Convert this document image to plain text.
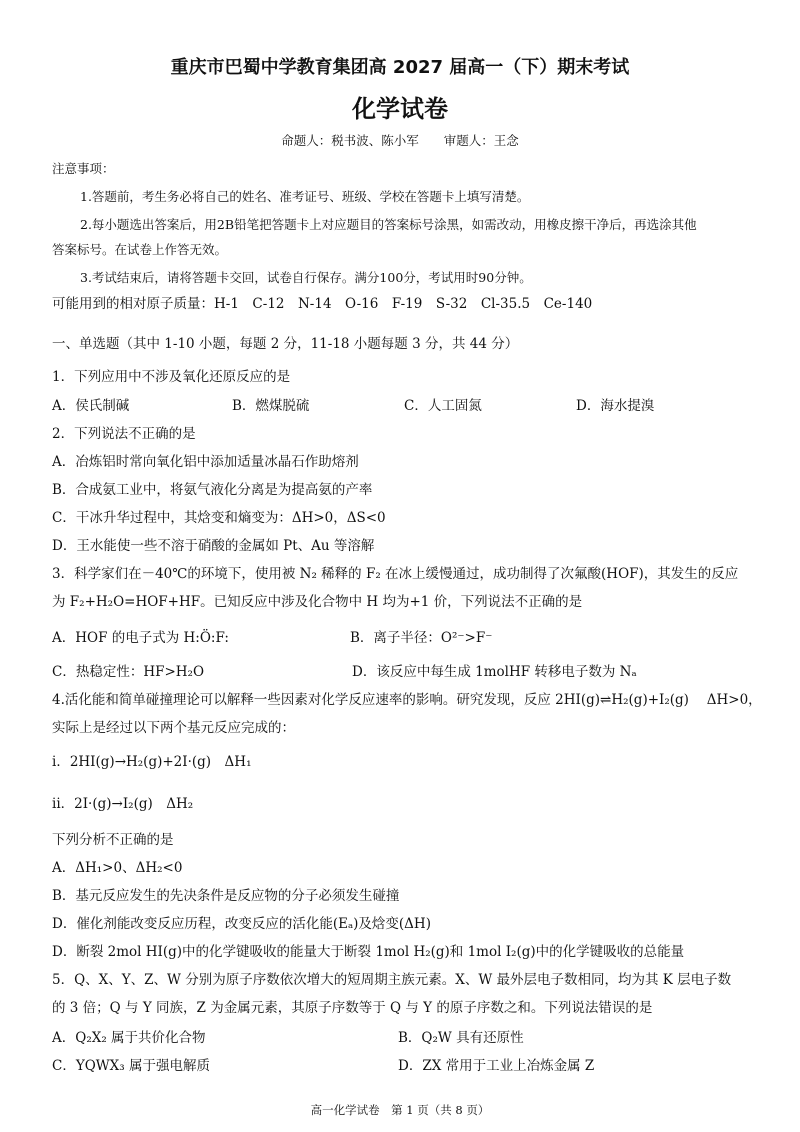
重庆市巴蜀中学教育集团高 2027 届高一（下）期末考试
化学试卷
命题人：税书波、陈小军　　审题人：王念
注意事项：
1.答题前，考生务必将自己的姓名、准考证号、班级、学校在答题卡上填写清楚。
2.每小题选出答案后，用2B铅笔把答题卡上对应题目的答案标号涂黑，如需改动，用橡皮擦干净后，再选涂其他
答案标号。在试卷上作答无效。
3.考试结束后，请将答题卡交回，试卷自行保存。满分100分，考试用时90分钟。
可能用到的相对原子质量：H-1　C-12　N-14　O-16　F-19　S-32　Cl-35.5　Ce-140
一、单选题（其中 1-10 小题，每题 2 分，11-18 小题每题 3 分，共 44 分）
1．下列应用中不涉及氧化还原反应的是
A．侯氏制碱	B．燃煤脱硫	C．人工固氮	D．海水提溴
2．下列说法不正确的是
A．冶炼铝时常向氧化铝中添加适量冰晶石作助熔剂
B．合成氨工业中，将氨气液化分离是为提高氨的产率
C．干冰升华过程中，其焓变和熵变为：ΔH>0，ΔS<0
D．王水能使一些不溶于硝酸的金属如 Pt、Au 等溶解
3．科学家们在－40℃的环境下，使用被 N₂ 稀释的 F₂ 在冰上缓慢通过，成功制得了次氟酸(HOF)，其发生的反应
为 F₂+H₂O=HOF+HF。已知反应中涉及化合物中 H 均为+1 价，下列说法不正确的是
A．HOF 的电子式为 H:Ö:F:	B．离子半径：O²⁻>F⁻
C．热稳定性：HF>H₂O	D．该反应中每生成 1molHF 转移电子数为 Nₐ
4.活化能和简单碰撞理论可以解释一些因素对化学反应速率的影响。研究发现，反应 2HI(g)⇌H₂(g)+I₂(g)　 ΔH>0，
实际上是经过以下两个基元反应完成的：
i．2HI(g)→H₂(g)+2I·(g)　ΔH₁
ii．2I·(g)→I₂(g)　ΔH₂
下列分析不正确的是
A．ΔH₁>0、ΔH₂<0
B．基元反应发生的先决条件是反应物的分子必须发生碰撞
D．催化剂能改变反应历程，改变反应的活化能(Eₐ)及焓变(ΔH)
D．断裂 2mol HI(g)中的化学键吸收的能量大于断裂 1mol H₂(g)和 1mol I₂(g)中的化学键吸收的总能量
5．Q、X、Y、Z、W 分别为原子序数依次增大的短周期主族元素。X、W 最外层电子数相同，均为其 K 层电子数
的 3 倍；Q 与 Y 同族，Z 为金属元素，其原子序数等于 Q 与 Y 的原子序数之和。下列说法错误的是
A．Q₂X₂ 属于共价化合物	B．Q₂W 具有还原性
C．YQWX₃ 属于强电解质	D．ZX 常用于工业上冶炼金属 Z
高一化学试卷　第 1 页（共 8 页）
